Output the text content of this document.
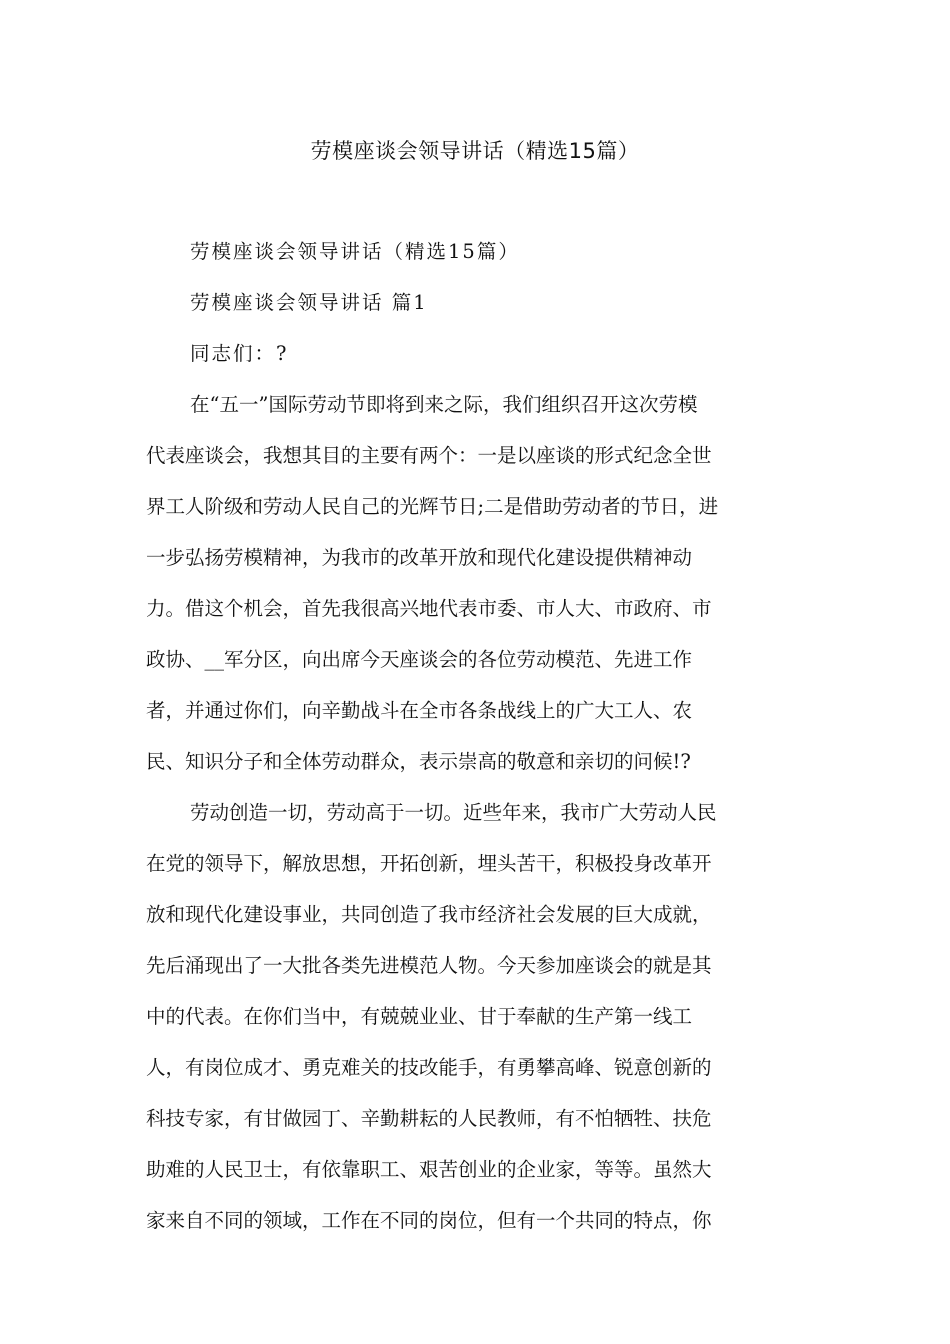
劳模座谈会领导讲话（精选15篇）

劳模座谈会领导讲话（精选15篇）

劳模座谈会领导讲话 篇1

同志们：?

在“五一”国际劳动节即将到来之际，我们组织召开这次劳模
代表座谈会，我想其目的主要有两个：一是以座谈的形式纪念全世
界工人阶级和劳动人民自己的光辉节日;二是借助劳动者的节日，进
一步弘扬劳模精神，为我市的改革开放和现代化建设提供精神动
力。借这个机会，首先我很高兴地代表市委、市人大、市政府、市
政协、__军分区，向出席今天座谈会的各位劳动模范、先进工作
者，并通过你们，向辛勤战斗在全市各条战线上的广大工人、农
民、知识分子和全体劳动群众，表示崇高的敬意和亲切的问候!?
劳动创造一切，劳动高于一切。近些年来，我市广大劳动人民
在党的领导下，解放思想，开拓创新，埋头苦干，积极投身改革开
放和现代化建设事业，共同创造了我市经济社会发展的巨大成就，
先后涌现出了一大批各类先进模范人物。今天参加座谈会的就是其
中的代表。在你们当中，有兢兢业业、甘于奉献的生产第一线工
人，有岗位成才、勇克难关的技改能手，有勇攀高峰、锐意创新的
科技专家，有甘做园丁、辛勤耕耘的人民教师，有不怕牺牲、扶危
助难的人民卫士，有依靠职工、艰苦创业的企业家，等等。虽然大
家来自不同的领域，工作在不同的岗位，但有一个共同的特点，你
